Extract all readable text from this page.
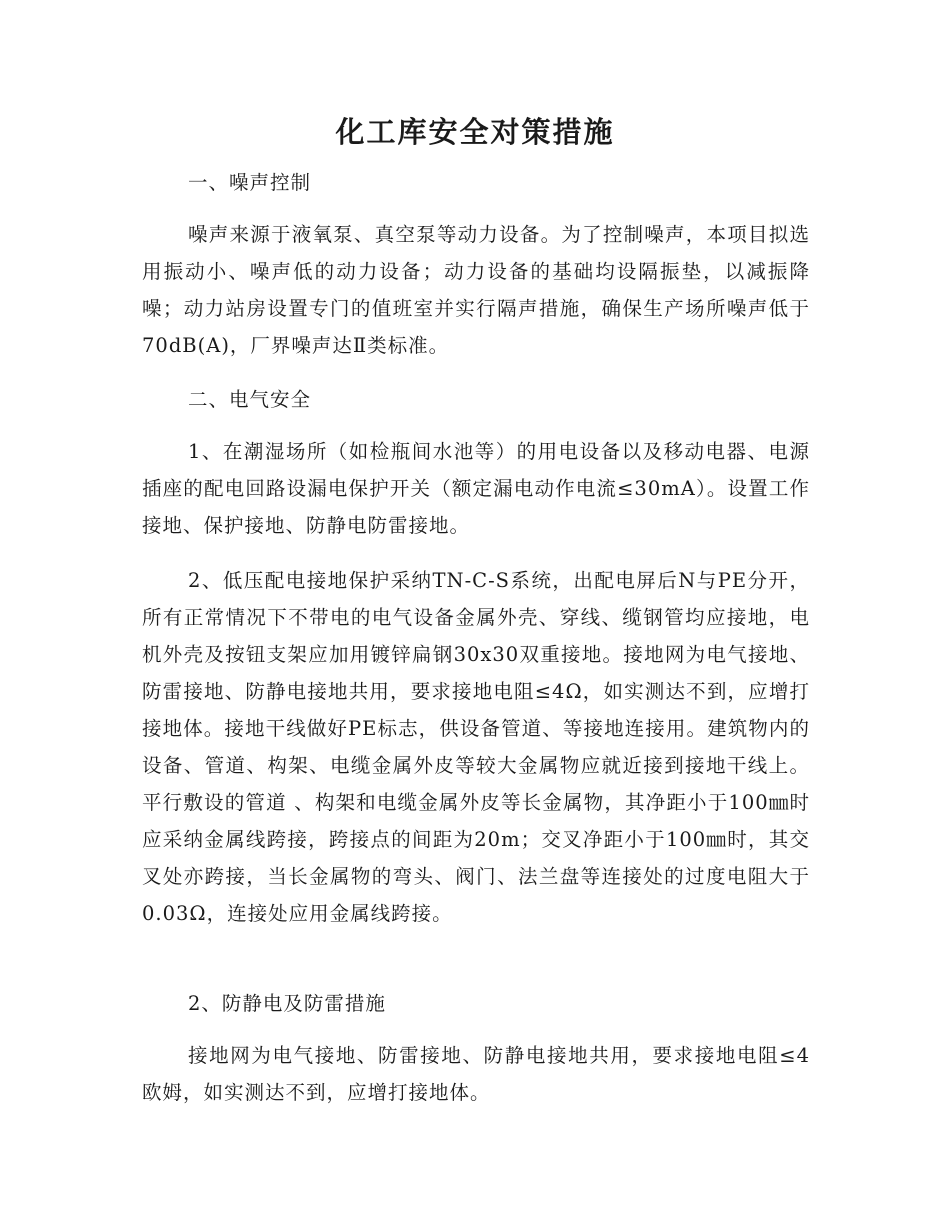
化工库安全对策措施

一、噪声控制

噪声来源于液氧泵、真空泵等动力设备。为了控制噪声，本项目拟选用振动小、噪声低的动力设备；动力设备的基础均设隔振垫，以减振降噪；动力站房设置专门的值班室并实行隔声措施，确保生产场所噪声低于70dB(A)，厂界噪声达Ⅱ类标准。

二、电气安全

1、在潮湿场所（如检瓶间水池等）的用电设备以及移动电器、电源插座的配电回路设漏电保护开关（额定漏电动作电流≤30mA）。设置工作接地、保护接地、防静电防雷接地。

2、低压配电接地保护采纳TN-C-S系统，出配电屏后N与PE分开，所有正常情况下不带电的电气设备金属外壳、穿线、缆钢管均应接地，电机外壳及按钮支架应加用镀锌扁钢30x30双重接地。接地网为电气接地、防雷接地、防静电接地共用，要求接地电阻≤4Ω，如实测达不到，应增打接地体。接地干线做好PE标志，供设备管道、等接地连接用。建筑物内的设备、管道、构架、电缆金属外皮等较大金属物应就近接到接地干线上。平行敷设的管道 、构架和电缆金属外皮等长金属物，其净距小于100㎜时应采纳金属线跨接，跨接点的间距为20m；交叉净距小于100㎜时，其交叉处亦跨接，当长金属物的弯头、阀门、法兰盘等连接处的过度电阻大于0.03Ω，连接处应用金属线跨接。

2、防静电及防雷措施

接地网为电气接地、防雷接地、防静电接地共用，要求接地电阻≤4欧姆，如实测达不到，应增打接地体。
